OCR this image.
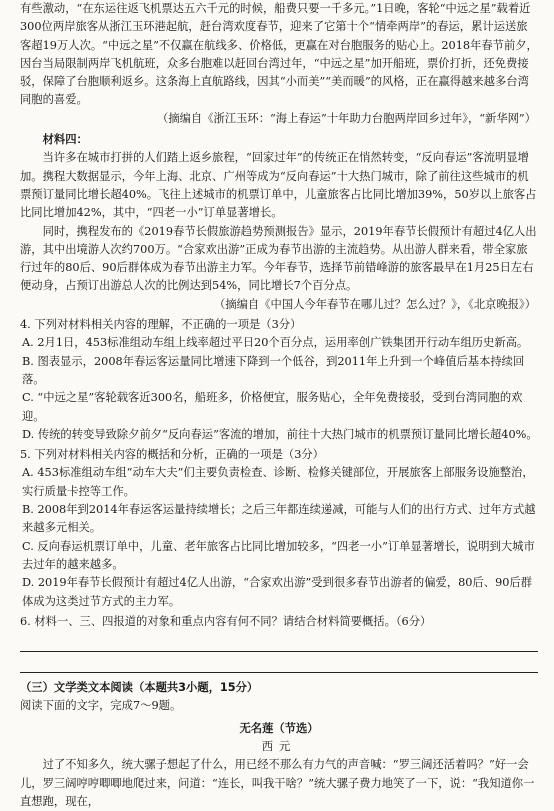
有些激动，“在东运往返飞机票达五六千元的时候，船费只要一千多元。”1日晚，客轮“中远之星”载着近300位两岸旅客从浙江玉环港起航，赶台湾欢度春节，迎来了它第十个“情牵两岸”的春运，累计运送旅客超19万人次。“中远之星”不仅赢在航线多、价格低，更赢在对台胞服务的贴心上。2018年春节前夕，因台当局限制两岸飞机航班，众多台胞难以赶回台湾过年，“中远之星”加开船班，票价打折，还免费接驳，保障了台胞顺利返乡。这条海上直航路线，因其“小而美”“美而暖”的风格，正在赢得越来越多台湾同胞的喜爱。

（摘编自《浙江玉环：“海上春运”十年助力台胞两岸回乡过年》，“新华网”）

材料四：

当许多在城市打拼的人们踏上返乡旅程，“回家过年”的传统正在悄然转变，“反向春运”客流明显增加。携程大数据显示，今年上海、北京、广州等成为“反向春运”十大热门城市，除了前往这些城市的机票预订量同比增长超40%。飞往上述城市的机票订单中，儿童旅客占比同比增加39%，50岁以上旅客占比同比增加42%，其中，“四老一小”订单显著增长。

同时，携程发布的《2019春节长假旅游趋势预测报告》显示，2019年春节长假预计有超过4亿人出游，其中出境游人次约700万。“合家欢出游”正成为春节出游的主流趋势。从出游人群来看，带全家旅行过年的80后、90后群体成为春节出游主力军。今年春节，选择节前错峰游的旅客最早在1月25日左右便动身，占预订出游总人次的比例达到54%，同比增长7个百分点。

（摘编自《中国人今年春节在哪儿过？怎么过？》，《北京晚报》）

4. 下列对材料相关内容的理解，不正确的一项是（3分）

A. 2月1日，453标准组动车组上线率超过平日20个百分点，运用率创广铁集团开行动车组历史新高。

B. 图表显示，2008年春运客运量同比增速下降到一个低谷，到2011年上升到一个峰值后基本持续回落。

C. “中远之星”客轮载客近300名，船班多，价格便宜，服务贴心，全年免费接驳，受到台湾同胞的欢迎。

D. 传统的转变导致除夕前夕“反向春运”客流的增加，前往十大热门城市的机票预订量同比增长超40%。

5. 下列对材料相关内容的概括和分析，正确的一项是（3分）

A. 453标准组动车组“动车大夫”们主要负责检查、诊断、检修关键部位，开展旅客上部服务设施整治，实行质量卡控等工作。

B. 2008年到2014年春运客运量持续增长；之后三年都连续递减，可能与人们的出行方式、过年方式越来越多元相关。

C. 反向春运机票订单中，儿童、老年旅客占比同比增加较多，“四老一小”订单显著增长，说明到大城市去过年的越来越多。

D. 2019年春节长假预计有超过4亿人出游，“合家欢出游”受到很多春节出游者的偏爱，80后、90后群体成为这类过节方式的主力军。

6. 材料一、三、四报道的对象和重点内容有何不同？请结合材料简要概括。（6分）

（三）文学类文本阅读（本题共3小题，15分）

阅读下面的文字，完成7～9题。

无名莲（节选）

西元

过了不知多久，统大骡子想起了什么，用已经不那么有力气的声音喊：“罗三阔还活着吗？”好一会儿，罗三阔哼哼唧唧地爬过来，问道：“连长，叫我干啥？”统大骡子费力地笑了一下，说：“我知道你一直想跑，现在，
